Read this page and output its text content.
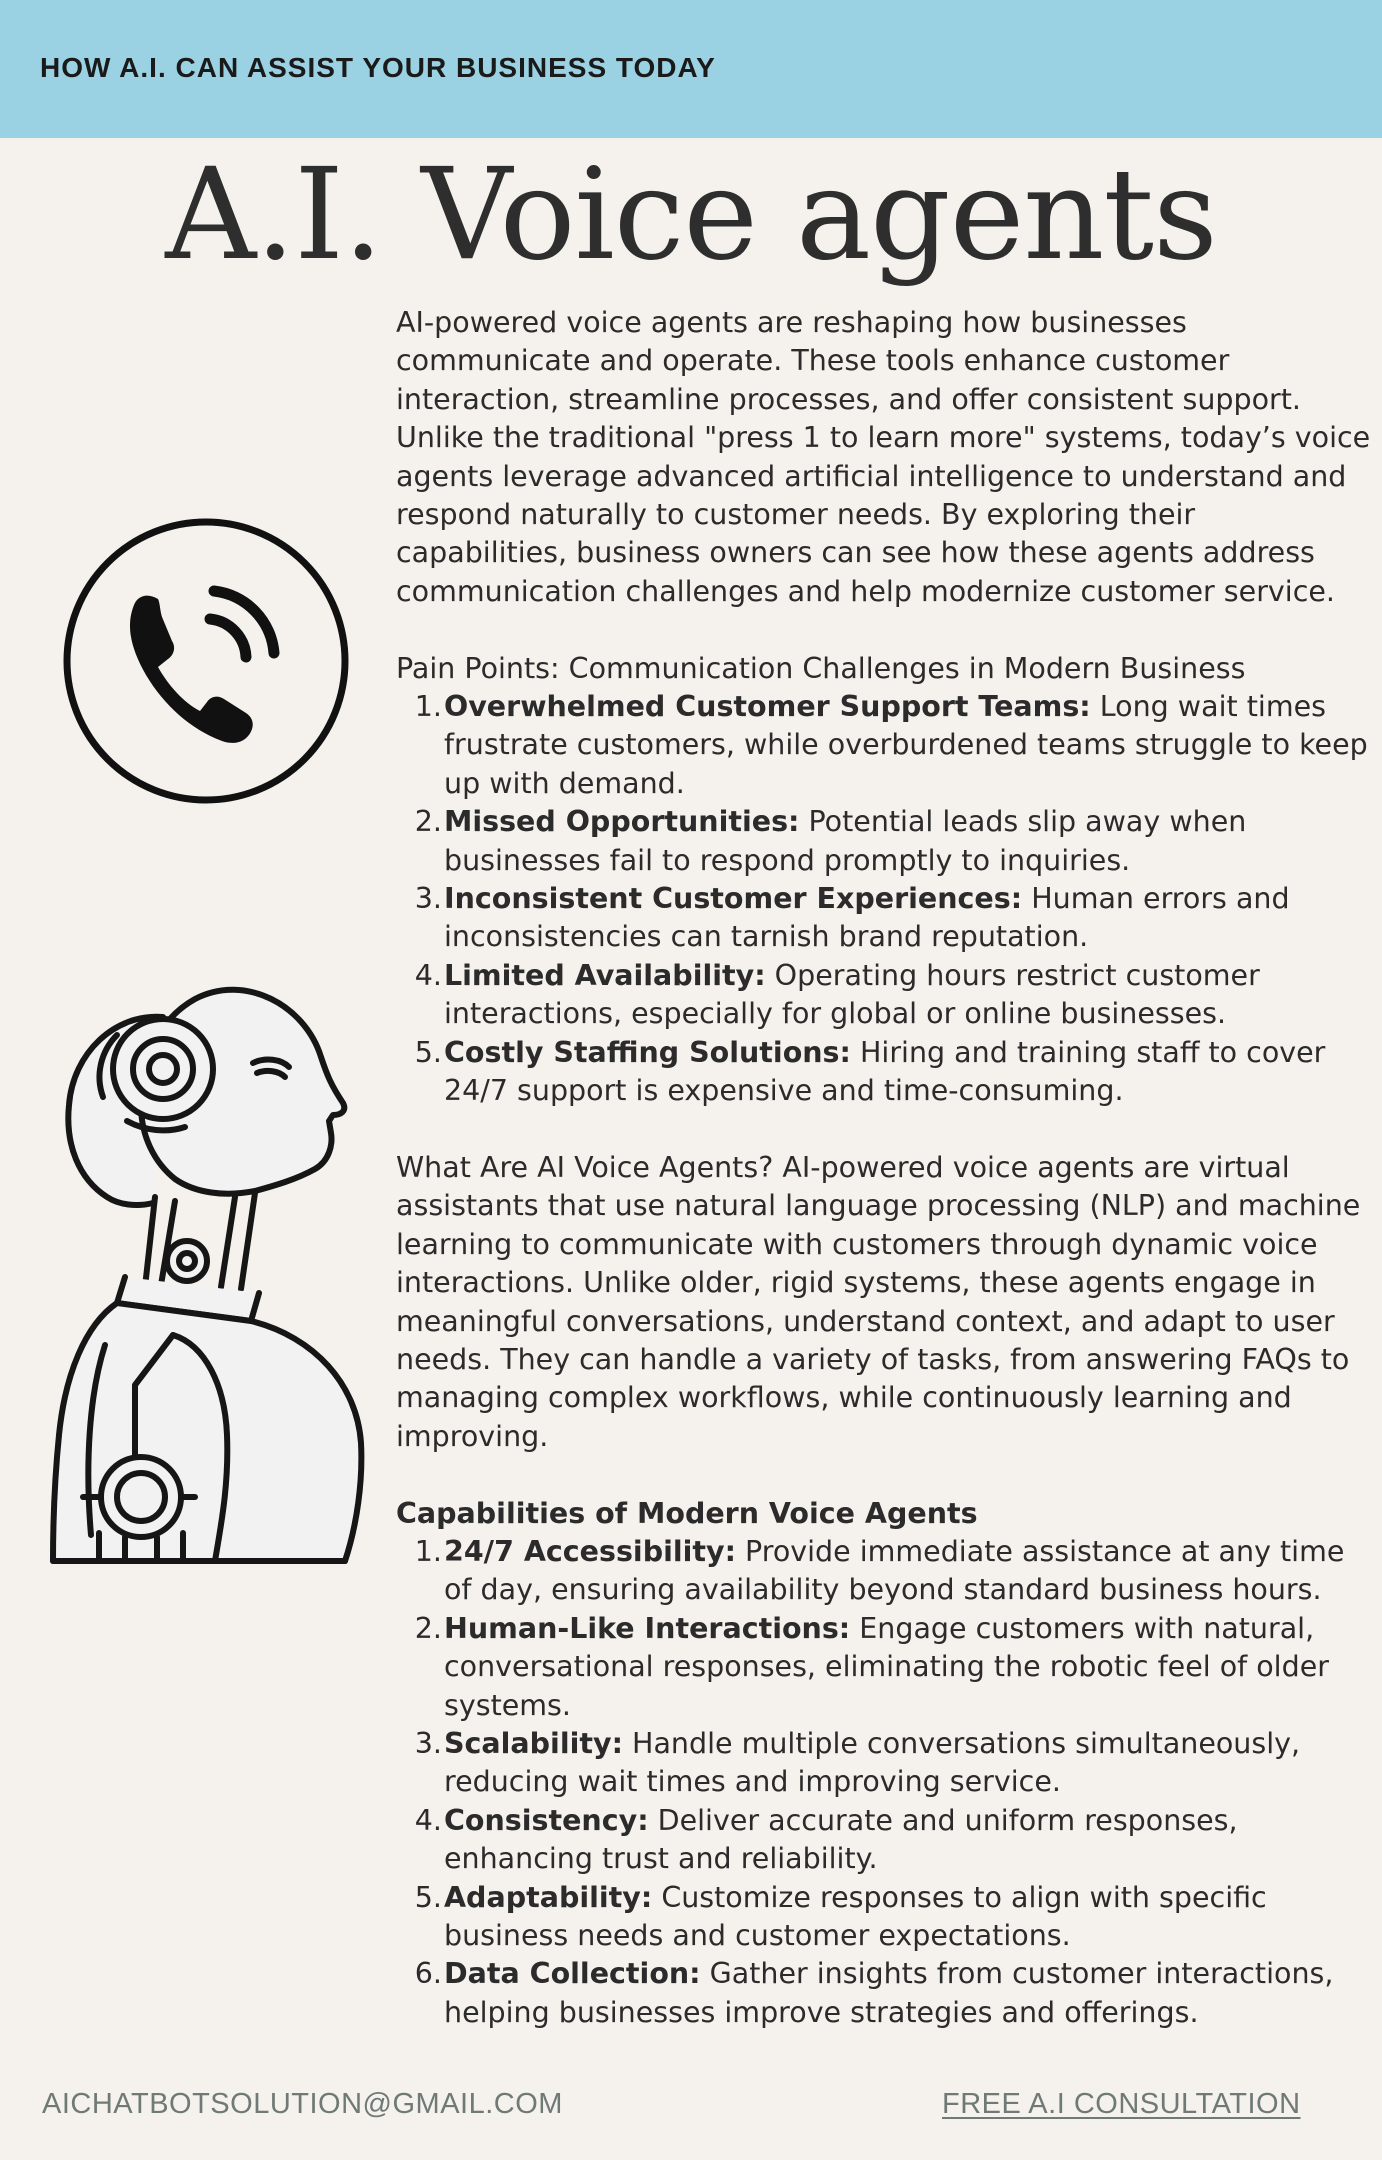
HOW A.I. CAN ASSIST YOUR BUSINESS TODAY
A.I. Voice agents

AI-powered voice agents are reshaping how businesses communicate and operate. These tools enhance customer interaction, streamline processes, and offer consistent support. Unlike the traditional "press 1 to learn more" systems, today’s voice agents leverage advanced artificial intelligence to understand and respond naturally to customer needs. By exploring their capabilities, business owners can see how these agents address communication challenges and help modernize customer service.

Pain Points: Communication Challenges in Modern Business

1. Overwhelmed Customer Support Teams: Long wait times frustrate customers, while overburdened teams struggle to keep up with demand.
2. Missed Opportunities: Potential leads slip away when businesses fail to respond promptly to inquiries.
3. Inconsistent Customer Experiences: Human errors and inconsistencies can tarnish brand reputation.
4. Limited Availability: Operating hours restrict customer interactions, especially for global or online businesses.
5. Costly Staffing Solutions: Hiring and training staff to cover 24/7 support is expensive and time-consuming.

What Are AI Voice Agents? AI-powered voice agents are virtual assistants that use natural language processing (NLP) and machine learning to communicate with customers through dynamic voice interactions. Unlike older, rigid systems, these agents engage in meaningful conversations, understand context, and adapt to user needs. They can handle a variety of tasks, from answering FAQs to managing complex workflows, while continuously learning and improving.

Capabilities of Modern Voice Agents

1. 24/7 Accessibility: Provide immediate assistance at any time of day, ensuring availability beyond standard business hours.
2. Human-Like Interactions: Engage customers with natural, conversational responses, eliminating the robotic feel of older systems.
3. Scalability: Handle multiple conversations simultaneously, reducing wait times and improving service.
4. Consistency: Deliver accurate and uniform responses, enhancing trust and reliability.
5. Adaptability: Customize responses to align with specific business needs and customer expectations.
6. Data Collection: Gather insights from customer interactions, helping businesses improve strategies and offerings.
AICHATBOTSOLUTION@GMAIL.COM	FREE A.I CONSULTATION
